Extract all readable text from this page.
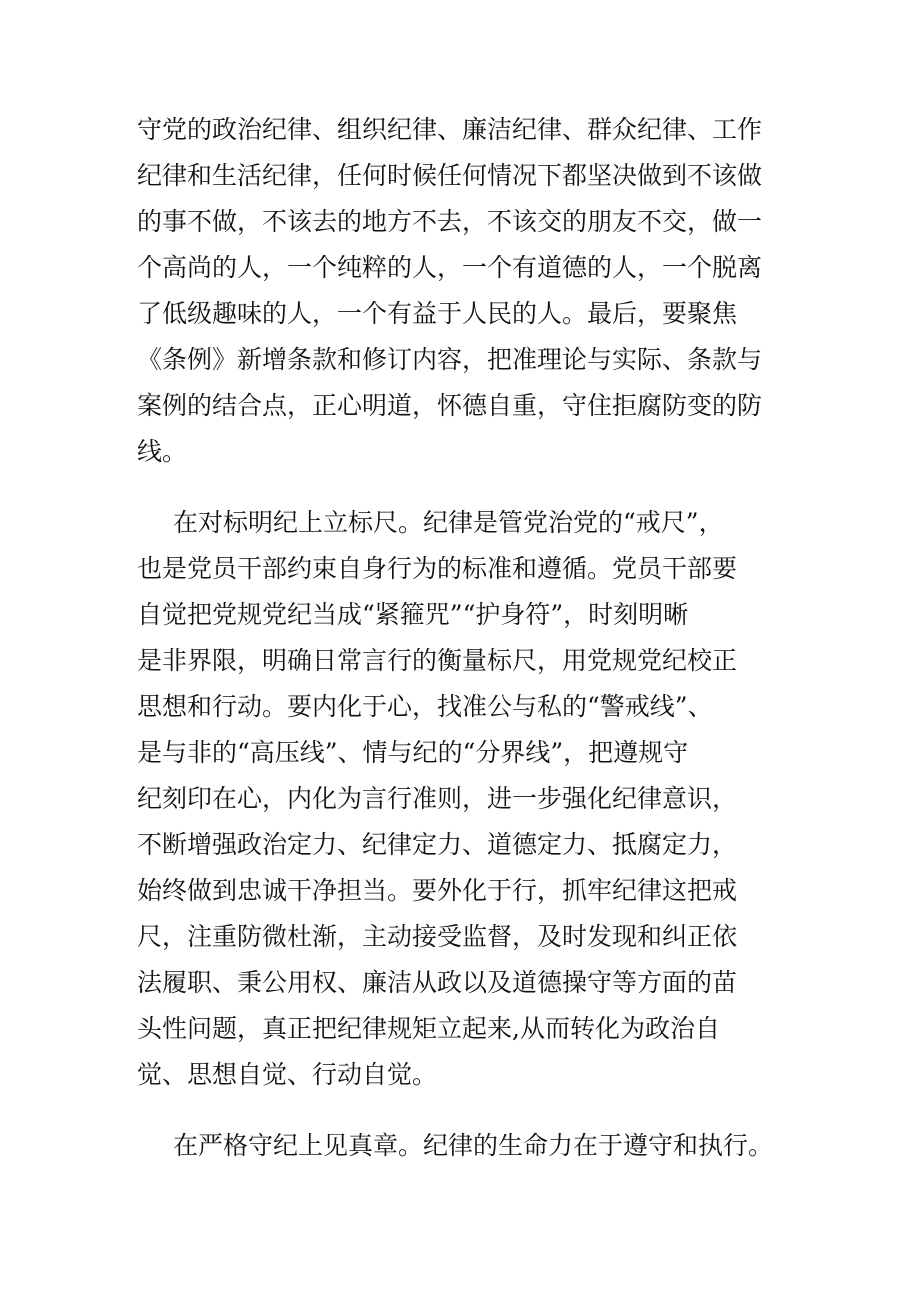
守党的政治纪律、组织纪律、廉洁纪律、群众纪律、工作

纪律和生活纪律，任何时候任何情况下都坚决做到不该做

的事不做，不该去的地方不去，不该交的朋友不交，做一

个高尚的人，一个纯粹的人，一个有道德的人，一个脱离

了低级趣味的人，一个有益于人民的人。最后，要聚焦

《条例》新增条款和修订内容，把准理论与实际、条款与

案例的结合点，正心明道，怀德自重，守住拒腐防变的防

线。

在对标明纪上立标尺。纪律是管党治党的“戒尺”，

也是党员干部约束自身行为的标准和遵循。党员干部要

自觉把党规党纪当成“紧箍咒”“护身符”，时刻明晰

是非界限，明确日常言行的衡量标尺，用党规党纪校正

思想和行动。要内化于心，找准公与私的“警戒线”、

是与非的“高压线”、情与纪的“分界线”，把遵规守

纪刻印在心，内化为言行准则，进一步强化纪律意识，

不断增强政治定力、纪律定力、道德定力、抵腐定力，

始终做到忠诚干净担当。要外化于行，抓牢纪律这把戒

尺，注重防微杜渐，主动接受监督，及时发现和纠正依

法履职、秉公用权、廉洁从政以及道德操守等方面的苗

头性问题，真正把纪律规矩立起来,从而转化为政治自

觉、思想自觉、行动自觉。

在严格守纪上见真章。纪律的生命力在于遵守和执行。
